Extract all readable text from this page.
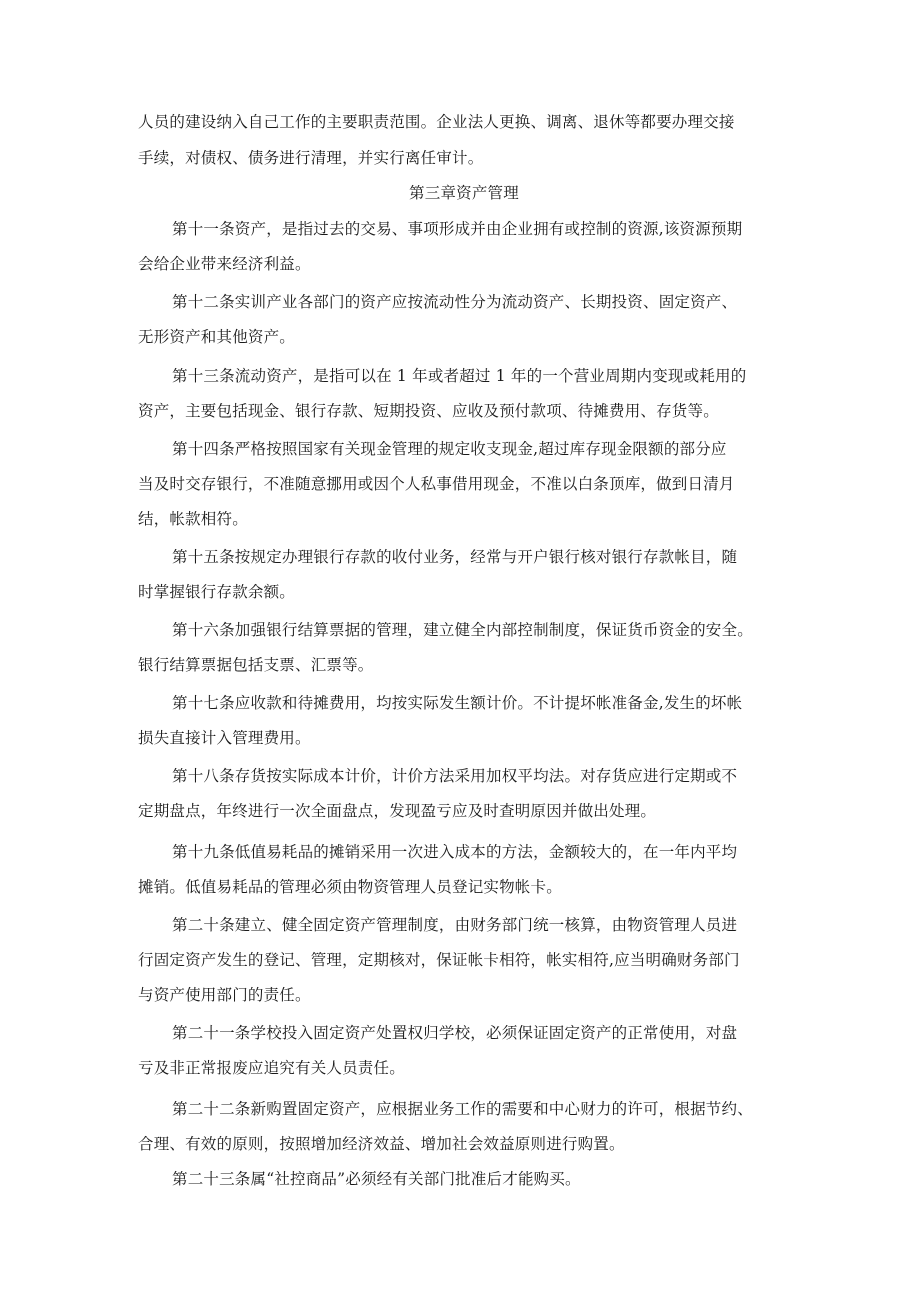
人员的建设纳入自己工作的主要职责范围。企业法人更换、调离、退休等都要办理交接
手续，对债权、债务进行清理，并实行离任审计。
第三章资产管理
第十一条资产，是指过去的交易、事项形成并由企业拥有或控制的资源,该资源预期
会给企业带来经济利益。
第十二条实训产业各部门的资产应按流动性分为流动资产、长期投资、固定资产、
无形资产和其他资产。
第十三条流动资产，是指可以在 1 年或者超过 1 年的一个营业周期内变现或耗用的
资产，主要包括现金、银行存款、短期投资、应收及预付款项、待摊费用、存货等。
第十四条严格按照国家有关现金管理的规定收支现金,超过库存现金限额的部分应
当及时交存银行，不准随意挪用或因个人私事借用现金，不准以白条顶库，做到日清月
结，帐款相符。
第十五条按规定办理银行存款的收付业务，经常与开户银行核对银行存款帐目，随
时掌握银行存款余额。
第十六条加强银行结算票据的管理，建立健全内部控制制度，保证货币资金的安全。
银行结算票据包括支票、汇票等。
第十七条应收款和待摊费用，均按实际发生额计价。不计提坏帐准备金,发生的坏帐
损失直接计入管理费用。
第十八条存货按实际成本计价，计价方法采用加权平均法。对存货应进行定期或不
定期盘点，年终进行一次全面盘点，发现盈亏应及时查明原因并做出处理。
第十九条低值易耗品的摊销采用一次进入成本的方法，金额较大的，在一年内平均
摊销。低值易耗品的管理必须由物资管理人员登记实物帐卡。
第二十条建立、健全固定资产管理制度，由财务部门统一核算，由物资管理人员进
行固定资产发生的登记、管理，定期核对，保证帐卡相符，帐实相符,应当明确财务部门
与资产使用部门的责任。
第二十一条学校投入固定资产处置权归学校，必须保证固定资产的正常使用，对盘
亏及非正常报废应追究有关人员责任。
第二十二条新购置固定资产，应根据业务工作的需要和中心财力的许可，根据节约、
合理、有效的原则，按照增加经济效益、增加社会效益原则进行购置。
第二十三条属“社控商品”必须经有关部门批准后才能购买。
